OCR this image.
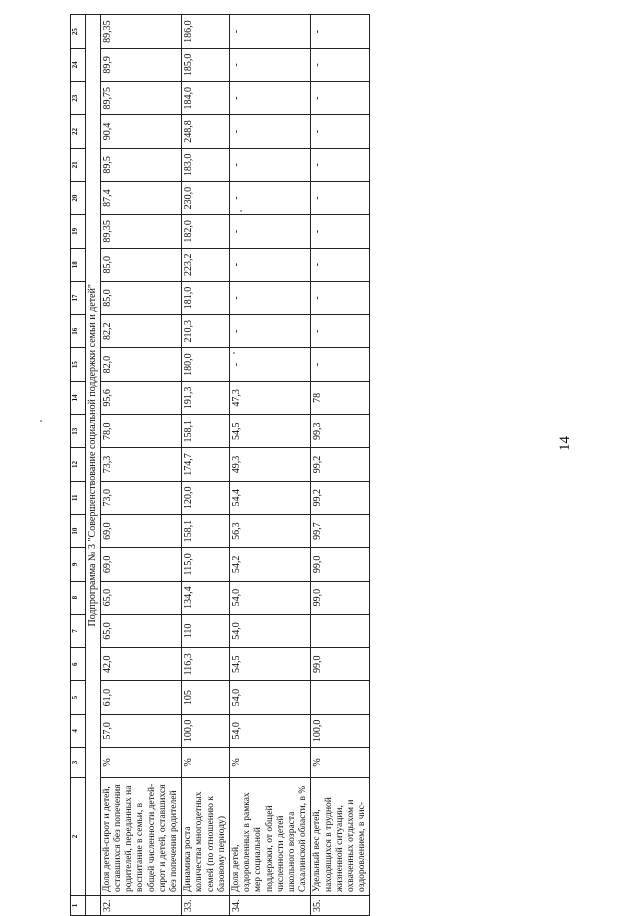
14
1	2	3	4	5	6	7	8	9	10	11	12	13	14	15	16	17	18	19	20	21	22	23	24	25
	Подпрограмма № 3 "Совершенствование социальной поддержки семьи и детей"																							
32.	Доля детей-сирот и детей, оставшихся без попечения родителей, переданных на воспитание в семьи, в общей численности детей-сирот и детей, оставшихся без попечения родителей	%	57,0	61,0	42,0	65,0	65,0	69,0	69,0	73,0	73,3	78,0	95,6	82,0	82,2	85,0	85,0	89,35	87,4	89,5	90,4	89,75	89,9	89,35
33.	Динамика роста количества многодетных семей (по отношению к базовому периоду)	%	100,0	105	116,3	110	134,4	115,0	158,1	120,0	174,7	158,1	191,3	180,0	210,3	181,0	223,2	182,0	230,0	183,0	248,8	184,0	185,0	186,0
34.	Доля детей, оздоровленных в рамках мер социальной поддержки, от общей численности детей школьного возраста Сахалинской области, в %	%	54,0	54,0	54,5	54,0	54,0	54,2	56,3	54,4	49,3	54,5	47,3	-	-	-	-	-	-	-	-	-	-	-
35.	Удельный вес детей, находящихся в трудной жизненной ситуации, охваченных отдыхом и оздоровлением, в чис-	%	100,0		99,0		99,0	99,0	99,7	99,2	99,2	99,3	78	-	-	-	-	-	-	-	-	-	-	-
